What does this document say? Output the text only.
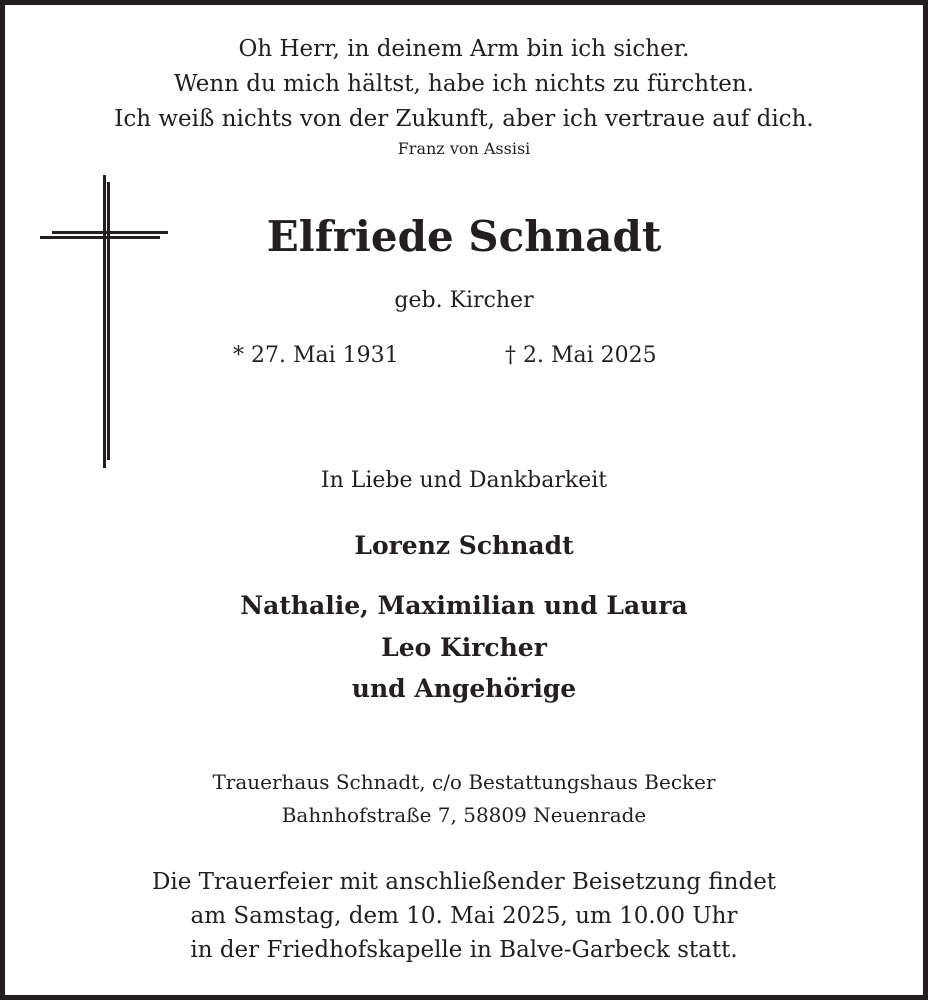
Oh Herr, in deinem Arm bin ich sicher.
Wenn du mich hältst, habe ich nichts zu fürchten.
Ich weiß nichts von der Zukunft, aber ich vertraue auf dich.
Franz von Assisi
Elfriede Schnadt
geb. Kircher
* 27. Mai 1931	† 2. Mai 2025
In Liebe und Dankbarkeit
Lorenz Schnadt
Nathalie, Maximilian und Laura
Leo Kircher
und Angehörige
Trauerhaus Schnadt, c/o Bestattungshaus Becker
Bahnhofstraße 7, 58809 Neuenrade
Die Trauerfeier mit anschließender Beisetzung findet
am Samstag, dem 10. Mai 2025, um 10.00 Uhr
in der Friedhofskapelle in Balve-Garbeck statt.
